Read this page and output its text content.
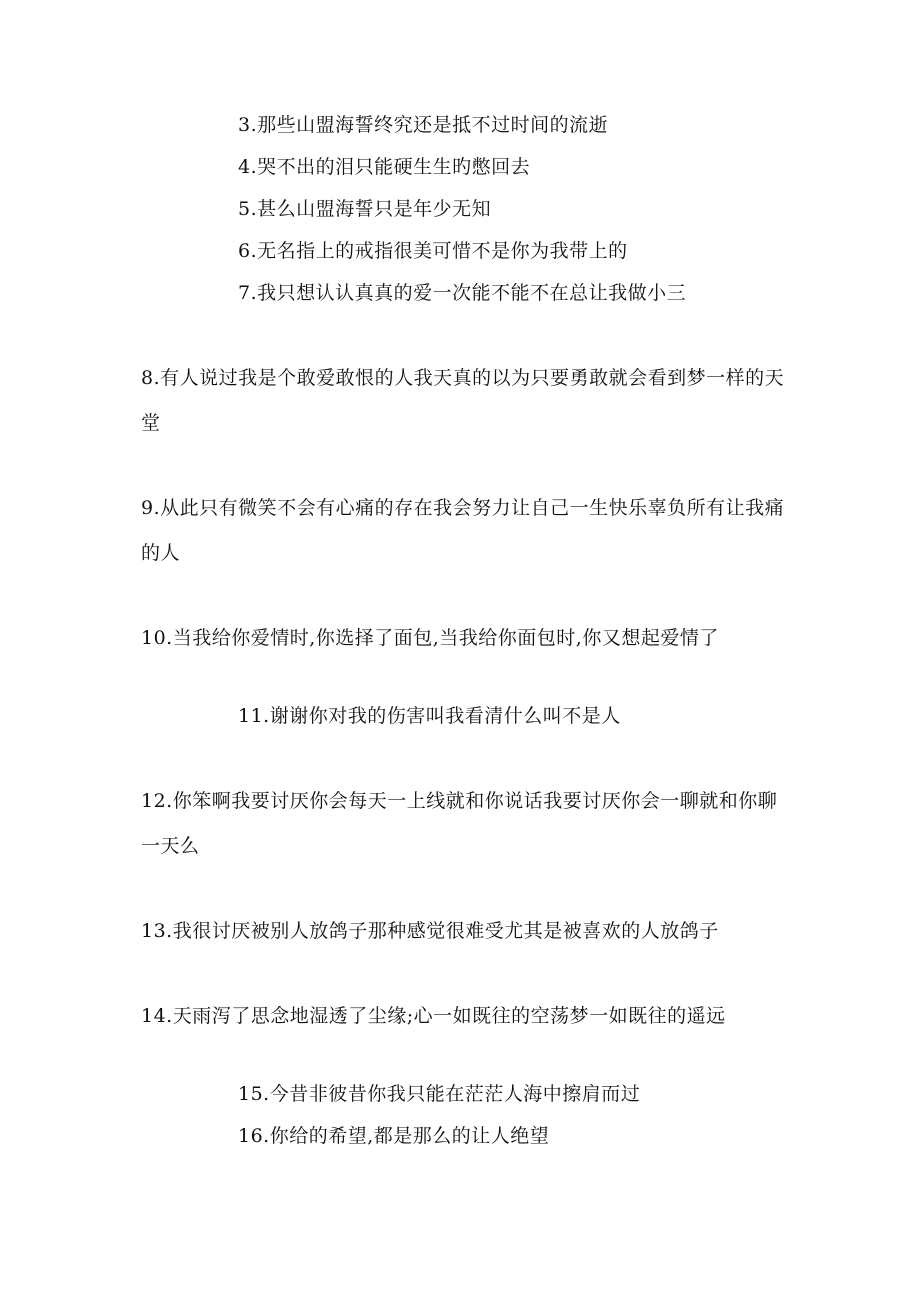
3.那些山盟海誓终究还是抵不过时间的流逝
4.哭不出的泪只能硬生生旳憋回去
5.甚么山盟海誓只是年少无知
6.无名指上的戒指很美可惜不是你为我带上的
7.我只想认认真真的爱一次能不能不在总让我做小三
8.有人说过我是个敢爱敢恨的人我天真的以为只要勇敢就会看到梦一样的天堂
9.从此只有微笑不会有心痛的存在我会努力让自己一生快乐辜负所有让我痛的人
10.当我给你爱情时,你选择了面包,当我给你面包时,你又想起爱情了
11.谢谢你对我的伤害叫我看清什么叫不是人
12.你笨啊我要讨厌你会每天一上线就和你说话我要讨厌你会一聊就和你聊一天么
13.我很讨厌被别人放鸽子那种感觉很难受尤其是被喜欢的人放鸽子
14.天雨泻了思念地湿透了尘缘;心一如既往的空荡梦一如既往的遥远
15.今昔非彼昔你我只能在茫茫人海中擦肩而过
16.你给的希望,都是那么的让人绝望
